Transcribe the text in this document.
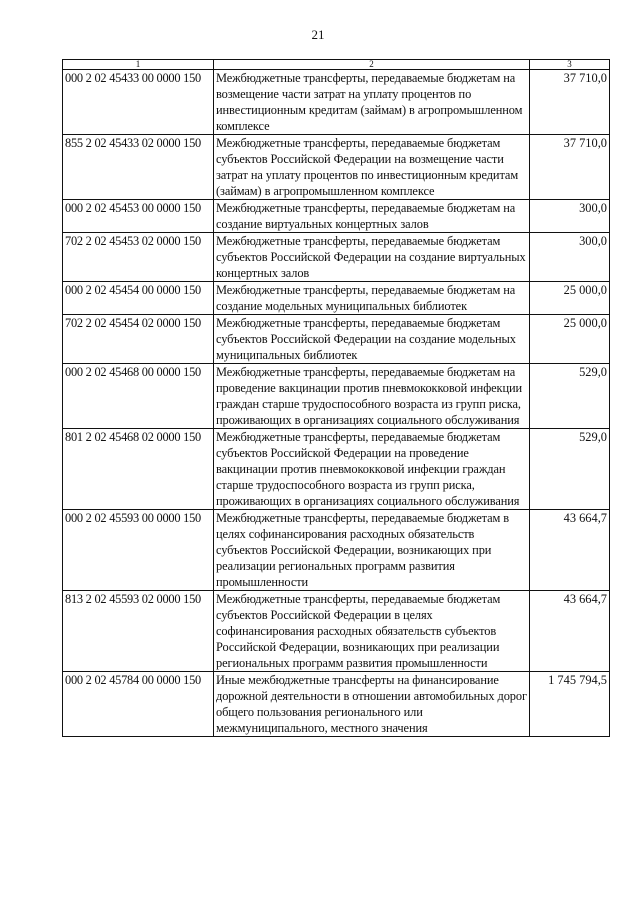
21
1	2	3
000 2 02 45433 00 0000 150	Межбюджетные трансферты, передаваемые бюджетам на возмещение части затрат на уплату процентов по инвестиционным кредитам (займам) в агропромышленном комплексе	37 710,0
855 2 02 45433 02 0000 150	Межбюджетные трансферты, передаваемые бюджетам субъектов Российской Федерации на возмещение части затрат на уплату процентов по инвестиционным кредитам (займам) в агропромышленном комплексе	37 710,0
000 2 02 45453 00 0000 150	Межбюджетные трансферты, передаваемые бюджетам на создание виртуальных концертных залов	300,0
702 2 02 45453 02 0000 150	Межбюджетные трансферты, передаваемые бюджетам субъектов Российской Федерации на создание виртуальных концертных залов	300,0
000 2 02 45454 00 0000 150	Межбюджетные трансферты, передаваемые бюджетам на создание модельных муниципальных библиотек	25 000,0
702 2 02 45454 02 0000 150	Межбюджетные трансферты, передаваемые бюджетам субъектов Российской Федерации на создание модельных муниципальных библиотек	25 000,0
000 2 02 45468 00 0000 150	Межбюджетные трансферты, передаваемые бюджетам на проведение вакцинации против пневмококковой инфекции граждан старше трудоспособного возраста из групп риска, проживающих в организациях социального обслуживания	529,0
801 2 02 45468 02 0000 150	Межбюджетные трансферты, передаваемые бюджетам субъектов Российской Федерации на проведение вакцинации против пневмококковой инфекции граждан старше трудоспособного возраста из групп риска, проживающих в организациях социального обслуживания	529,0
000 2 02 45593 00 0000 150	Межбюджетные трансферты, передаваемые бюджетам в целях софинансирования расходных обязательств субъектов Российской Федерации, возникающих при реализации региональных программ развития промышленности	43 664,7
813 2 02 45593 02 0000 150	Межбюджетные трансферты, передаваемые бюджетам субъектов Российской Федерации в целях софинансирования расходных обязательств субъектов Российской Федерации, возникающих при реализации региональных программ развития промышленности	43 664,7
000 2 02 45784 00 0000 150	Иные межбюджетные трансферты на финансирование дорожной деятельности в отношении автомобильных дорог общего пользования регионального или межмуниципального, местного значения	1 745 794,5
